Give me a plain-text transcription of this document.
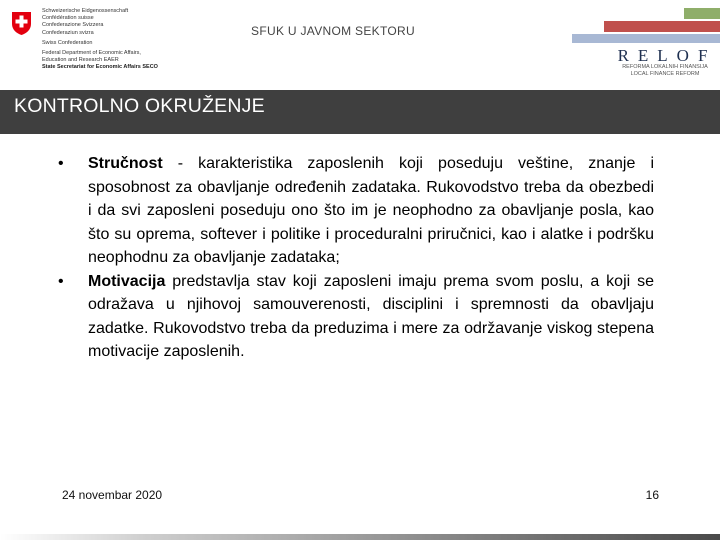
Schweizerische Eidgenossenschaft
Confédération suisse
Confederazione Svizzera
Confederaziun svizra
Swiss Confederation
Federal Department of Economic Affairs,
Education and Research EAER
State Secretariat for Economic Affairs SECO
SFUK U JAVNOM SEKTORU
RELOF
REFORMA LOKALNIH FINANSIJA
LOCAL FINANCE REFORM
KONTROLNO OKRUŽENJE
•	Stručnost - karakteristika zaposlenih koji poseduju veštine, znanje i sposobnost za obavljanje određenih zadataka. Rukovodstvo treba da obezbedi i da svi zaposleni poseduju ono što im je neophodno za obavljanje posla, kao što su oprema, softever i politike i proceduralni priručnici, kao i alatke i podršku neophodnu za obavljanje zadataka;
•	Motivacija predstavlja stav koji zaposleni imaju prema svom poslu, a koji se odražava u njihovoj samouverenosti, disciplini i spremnosti da obavljaju zadatke. Rukovodstvo treba da preduzima i mere za održavanje viskog stepena motivacije zaposlenih.
24 novembar 2020	16
